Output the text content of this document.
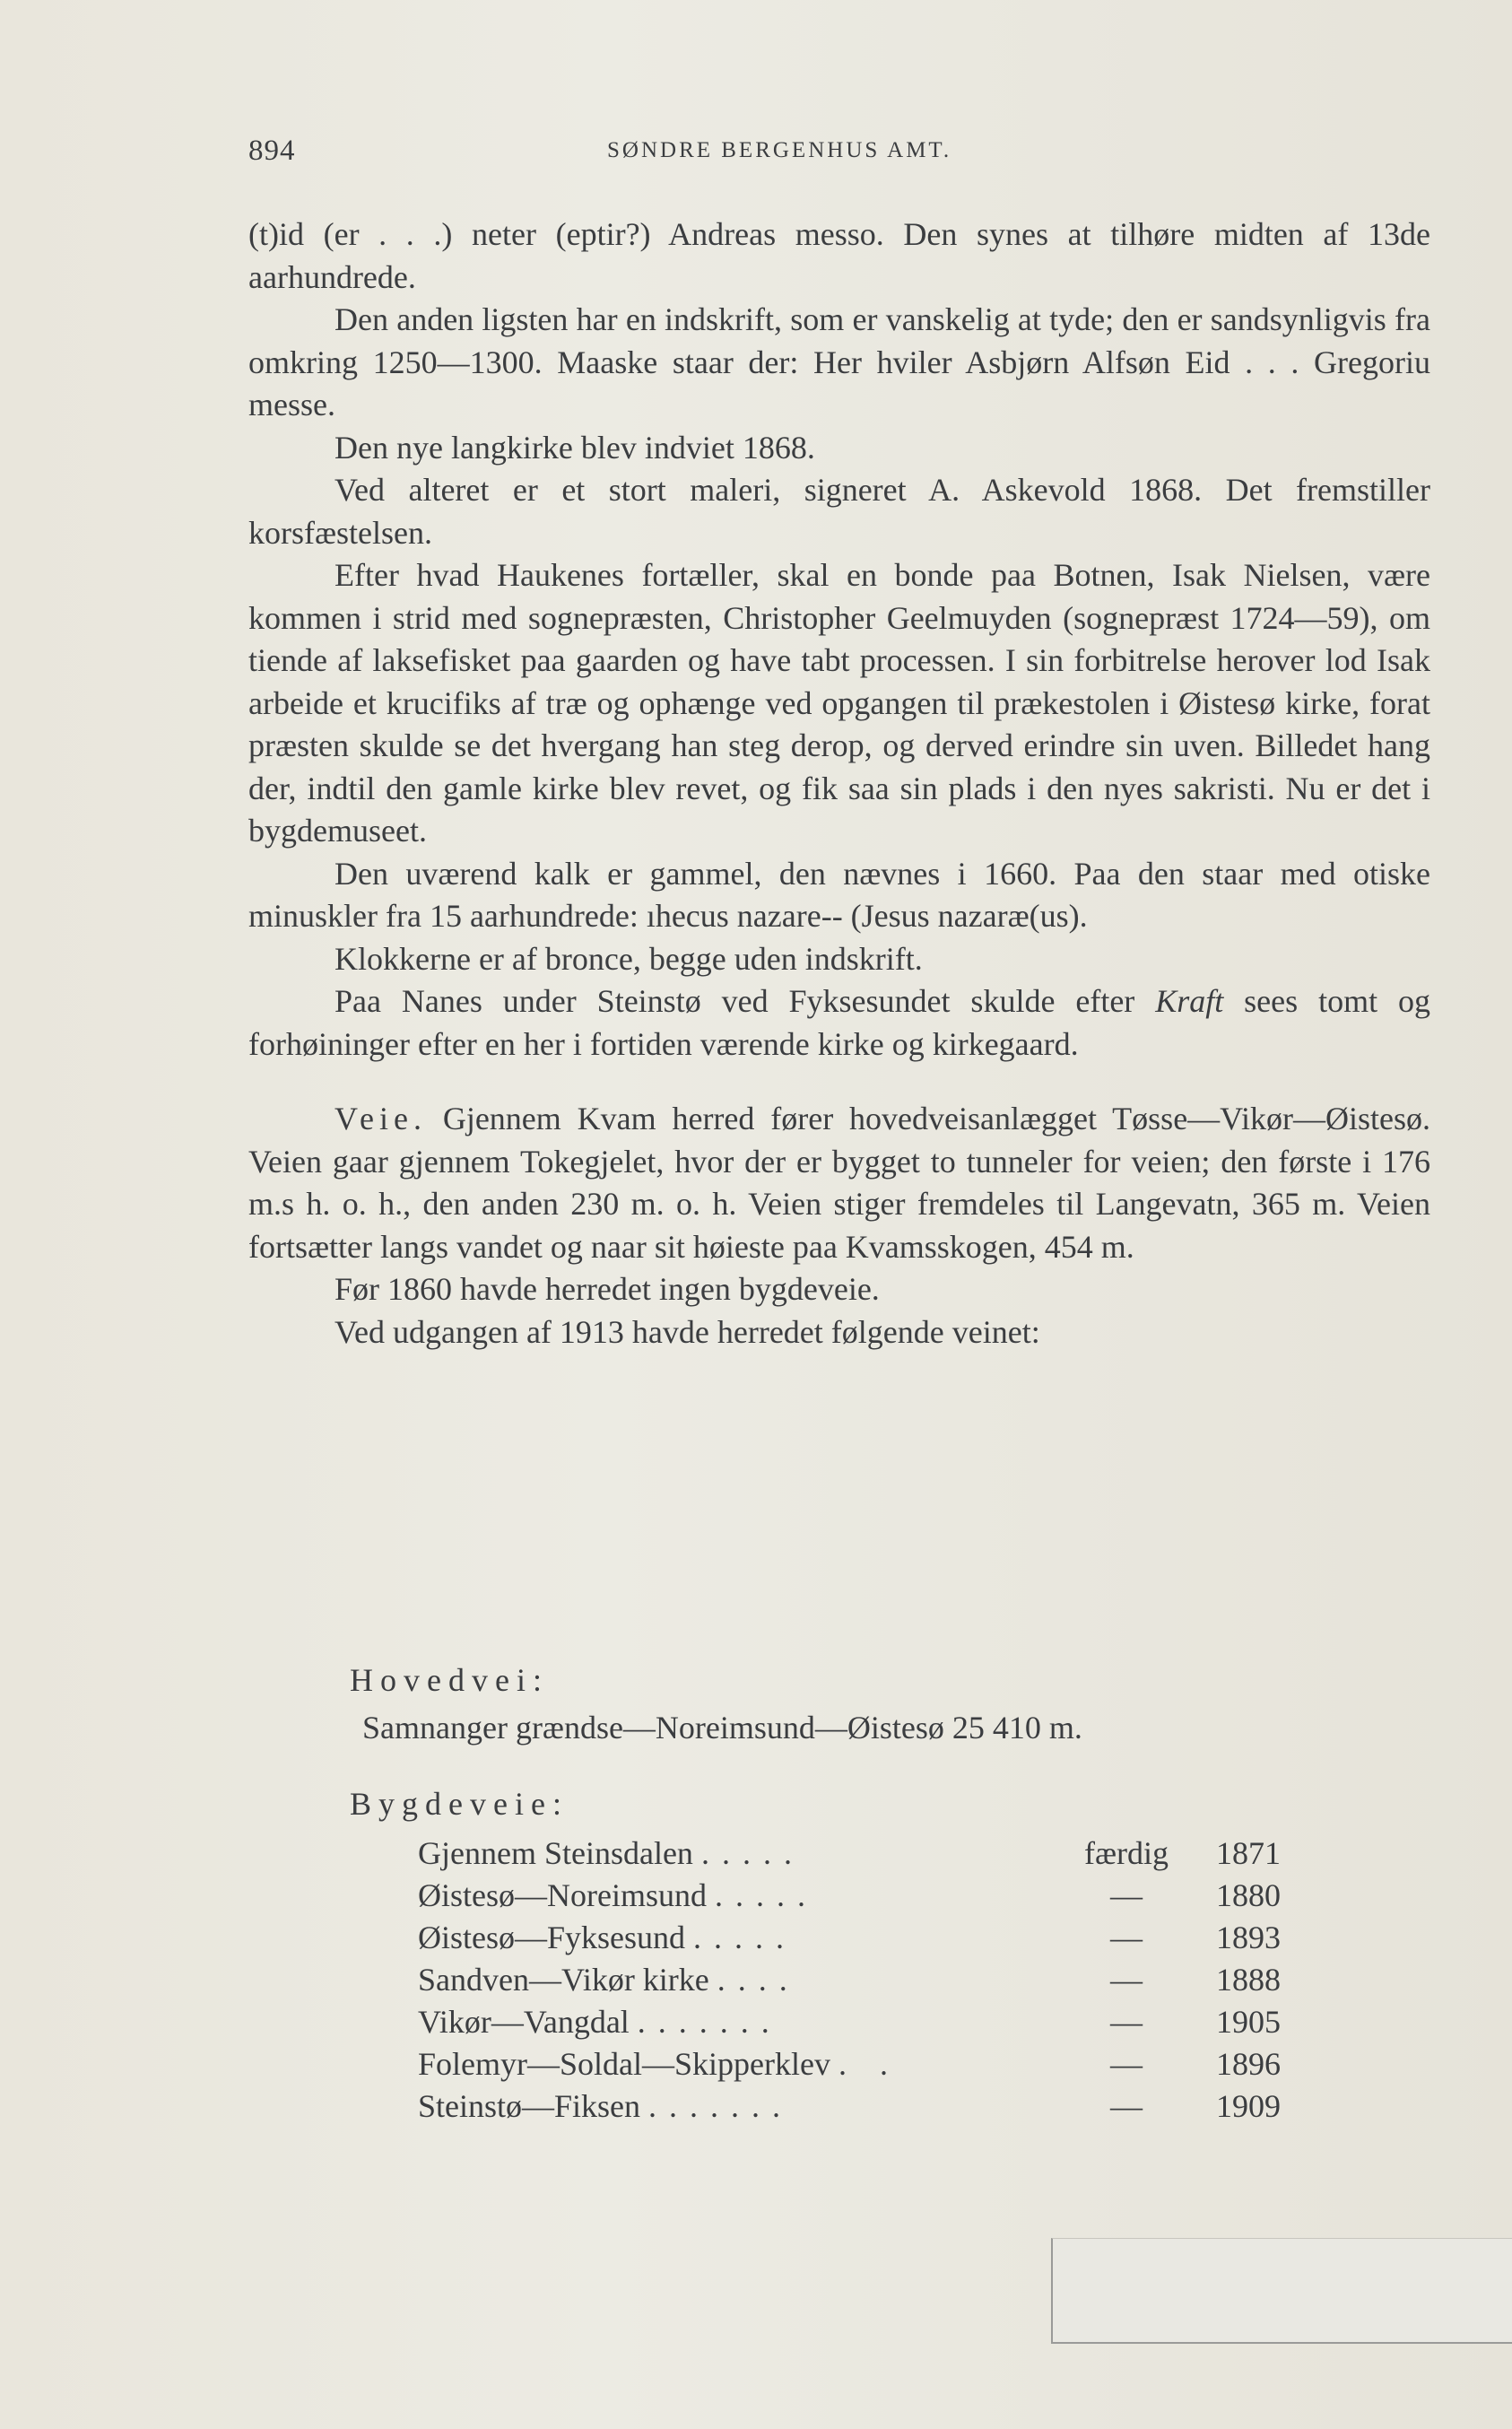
894	SØNDRE BERGENHUS AMT.

(t)id (er . . .) neter (eptir?) Andreas messo. Den synes at tilhøre midten af 13de aarhundrede.

Den anden ligsten har en indskrift, som er vanskelig at tyde; den er sandsynligvis fra omkring 1250—1300. Maaske staar der: Her hviler Asbjørn Alfsøn Eid . . . Gregoriu messe.

Den nye langkirke blev indviet 1868.

Ved alteret er et stort maleri, signeret A. Askevold 1868. Det fremstiller korsfæstelsen.

Efter hvad Haukenes fortæller, skal en bonde paa Botnen, Isak Nielsen, være kommen i strid med sognepræsten, Christopher Geelmuyden (sognepræst 1724—59), om tiende af laksefisket paa gaarden og have tabt processen. I sin forbitrelse herover lod Isak arbeide et krucifiks af træ og ophænge ved opgangen til prækestolen i Øistesø kirke, forat præsten skulde se det hvergang han steg derop, og derved erindre sin uven. Billedet hang der, indtil den gamle kirke blev revet, og fik saa sin plads i den nyes sakristi. Nu er det i bygdemuseet.

Den uværend kalk er gammel, den nævnes i 1660. Paa den staar med otiske minuskler fra 15 aarhundrede: ıhecus nazare-- (Jesus nazaræ(us).

Klokkerne er af bronce, begge uden indskrift.

Paa Nanes under Steinstø ved Fyksesundet skulde efter Kraft sees tomt og forhøininger efter en her i fortiden værende kirke og kirkegaard.

Veie. Gjennem Kvam herred fører hovedveisanlægget Tøsse—Vikør—Øistesø. Veien gaar gjennem Tokegjelet, hvor der er bygget to tunneler for veien; den første i 176 m.s h. o. h., den anden 230 m. o. h. Veien stiger fremdeles til Langevatn, 365 m. Veien fortsætter langs vandet og naar sit høieste paa Kvamsskogen, 454 m.

Før 1860 havde herredet ingen bygdeveie.

Ved udgangen af 1913 havde herredet følgende veinet:

Hovedvei:
Samnanger grændse—Noreimsund—Øistesø 25 410 m.
Bygdeveie:
Gjennem Steinsdalen .....	færdig	1871
Øistesø—Noreimsund .....	—	1880
Øistesø—Fyksesund .....	—	1893
Sandven—Vikør kirke ....	—	1888
Vikør—Vangdal .......	—	1905
Folemyr—Soldal—Skipperklev . .	—	1896
Steinstø—Fiksen .......	—	1909
